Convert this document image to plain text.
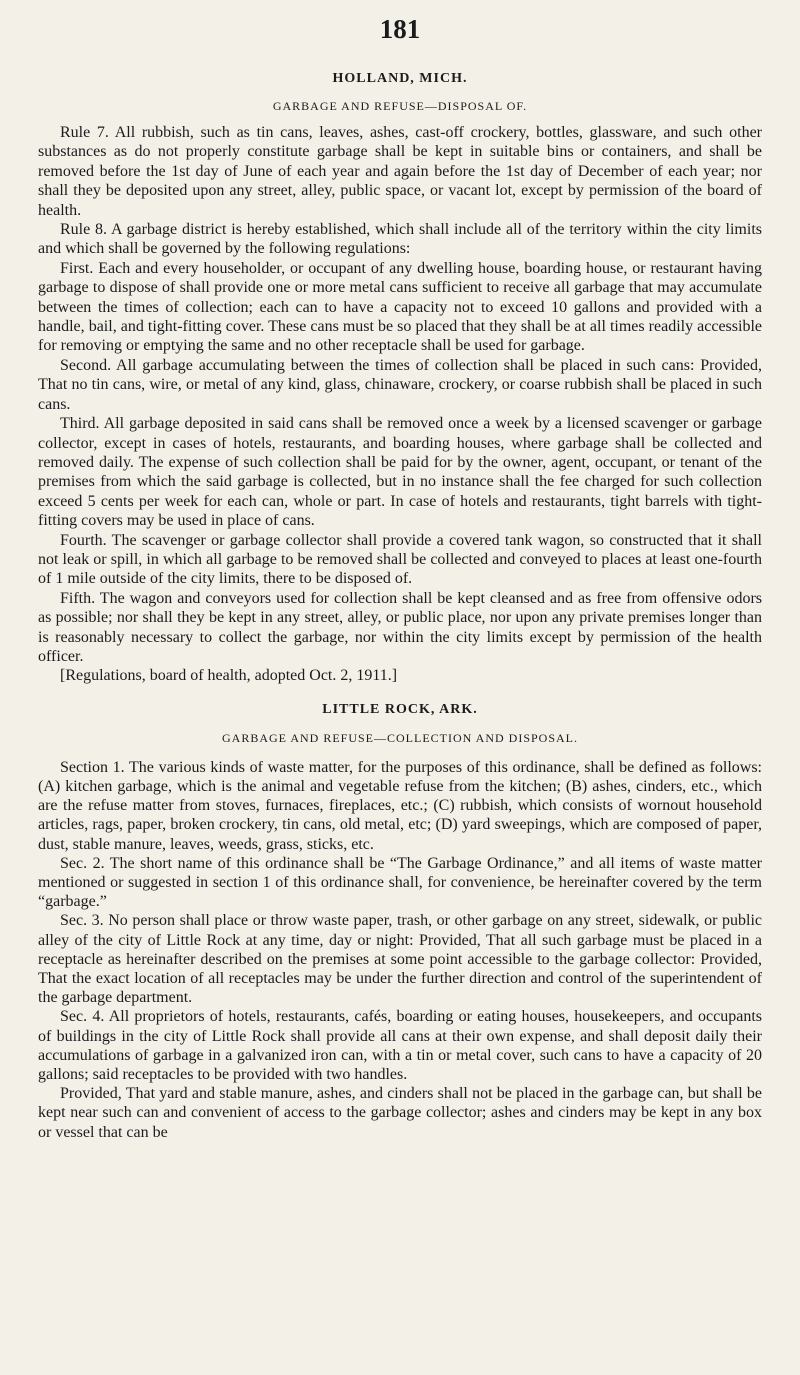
181

HOLLAND, MICH.

GARBAGE AND REFUSE—DISPOSAL OF.

Rule 7. All rubbish, such as tin cans, leaves, ashes, cast-off crockery, bottles, glassware, and such other substances as do not properly constitute garbage shall be kept in suitable bins or containers, and shall be removed before the 1st day of June of each year and again before the 1st day of December of each year; nor shall they be deposited upon any street, alley, public space, or vacant lot, except by permission of the board of health.

Rule 8. A garbage district is hereby established, which shall include all of the territory within the city limits and which shall be governed by the following regulations:

First. Each and every householder, or occupant of any dwelling house, boarding house, or restaurant having garbage to dispose of shall provide one or more metal cans sufficient to receive all garbage that may accumulate between the times of collection; each can to have a capacity not to exceed 10 gallons and provided with a handle, bail, and tight-fitting cover. These cans must be so placed that they shall be at all times readily accessible for removing or emptying the same and no other receptacle shall be used for garbage.

Second. All garbage accumulating between the times of collection shall be placed in such cans: Provided, That no tin cans, wire, or metal of any kind, glass, chinaware, crockery, or coarse rubbish shall be placed in such cans.

Third. All garbage deposited in said cans shall be removed once a week by a licensed scavenger or garbage collector, except in cases of hotels, restaurants, and boarding houses, where garbage shall be collected and removed daily. The expense of such collection shall be paid for by the owner, agent, occupant, or tenant of the premises from which the said garbage is collected, but in no instance shall the fee charged for such collection exceed 5 cents per week for each can, whole or part. In case of hotels and restaurants, tight barrels with tight-fitting covers may be used in place of cans.

Fourth. The scavenger or garbage collector shall provide a covered tank wagon, so constructed that it shall not leak or spill, in which all garbage to be removed shall be collected and conveyed to places at least one-fourth of 1 mile outside of the city limits, there to be disposed of.

Fifth. The wagon and conveyors used for collection shall be kept cleansed and as free from offensive odors as possible; nor shall they be kept in any street, alley, or public place, nor upon any private premises longer than is reasonably necessary to collect the garbage, nor within the city limits except by permission of the health officer.

[Regulations, board of health, adopted Oct. 2, 1911.]

LITTLE ROCK, ARK.

GARBAGE AND REFUSE—COLLECTION AND DISPOSAL.

Section 1. The various kinds of waste matter, for the purposes of this ordinance, shall be defined as follows: (A) kitchen garbage, which is the animal and vegetable refuse from the kitchen; (B) ashes, cinders, etc., which are the refuse matter from stoves, furnaces, fireplaces, etc.; (C) rubbish, which consists of wornout household articles, rags, paper, broken crockery, tin cans, old metal, etc; (D) yard sweepings, which are composed of paper, dust, stable manure, leaves, weeds, grass, sticks, etc.

Sec. 2. The short name of this ordinance shall be “The Garbage Ordinance,” and all items of waste matter mentioned or suggested in section 1 of this ordinance shall, for convenience, be hereinafter covered by the term “garbage.”

Sec. 3. No person shall place or throw waste paper, trash, or other garbage on any street, sidewalk, or public alley of the city of Little Rock at any time, day or night: Provided, That all such garbage must be placed in a receptacle as hereinafter described on the premises at some point accessible to the garbage collector: Provided, That the exact location of all receptacles may be under the further direction and control of the superintendent of the garbage department.

Sec. 4. All proprietors of hotels, restaurants, cafés, boarding or eating houses, housekeepers, and occupants of buildings in the city of Little Rock shall provide all cans at their own expense, and shall deposit daily their accumulations of garbage in a galvanized iron can, with a tin or metal cover, such cans to have a capacity of 20 gallons; said receptacles to be provided with two handles.

Provided, That yard and stable manure, ashes, and cinders shall not be placed in the garbage can, but shall be kept near such can and convenient of access to the garbage collector; ashes and cinders may be kept in any box or vessel that can be
